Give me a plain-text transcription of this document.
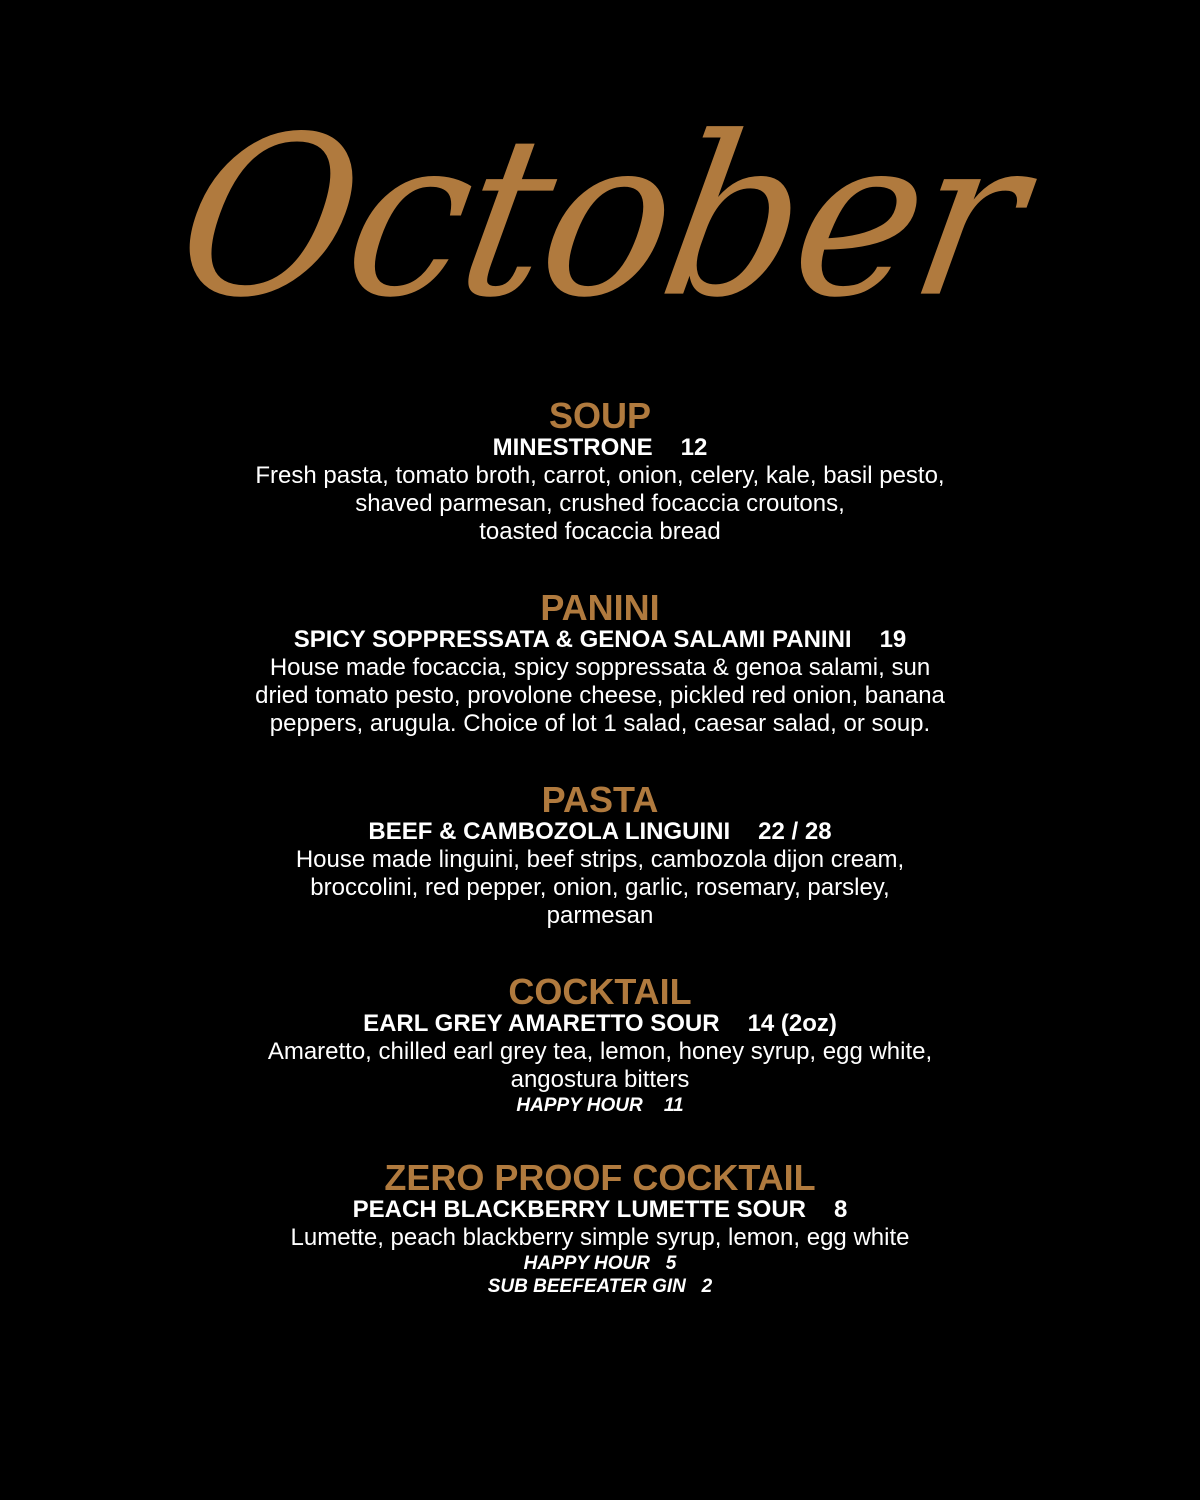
October

SOUP

MINESTRONE 12

Fresh pasta, tomato broth, carrot, onion, celery, kale, basil pesto,

shaved parmesan, crushed focaccia croutons,

toasted focaccia bread

PANINI

SPICY SOPPRESSATA & GENOA SALAMI PANINI 19

House made focaccia, spicy soppressata & genoa salami, sun

dried tomato pesto, provolone cheese, pickled red onion, banana

peppers, arugula. Choice of lot 1 salad, caesar salad, or soup.

PASTA

BEEF & CAMBOZOLA LINGUINI 22 / 28

House made linguini, beef strips, cambozola dijon cream,

broccolini, red pepper, onion, garlic, rosemary, parsley,

parmesan

COCKTAIL

EARL GREY AMARETTO SOUR 14 (2oz)

Amaretto, chilled earl grey tea, lemon, honey syrup, egg white,

angostura bitters

HAPPY HOUR    11

ZERO PROOF COCKTAIL

PEACH BLACKBERRY LUMETTE SOUR 8

Lumette, peach blackberry simple syrup, lemon, egg white

HAPPY HOUR   5

SUB BEEFEATER GIN   2
